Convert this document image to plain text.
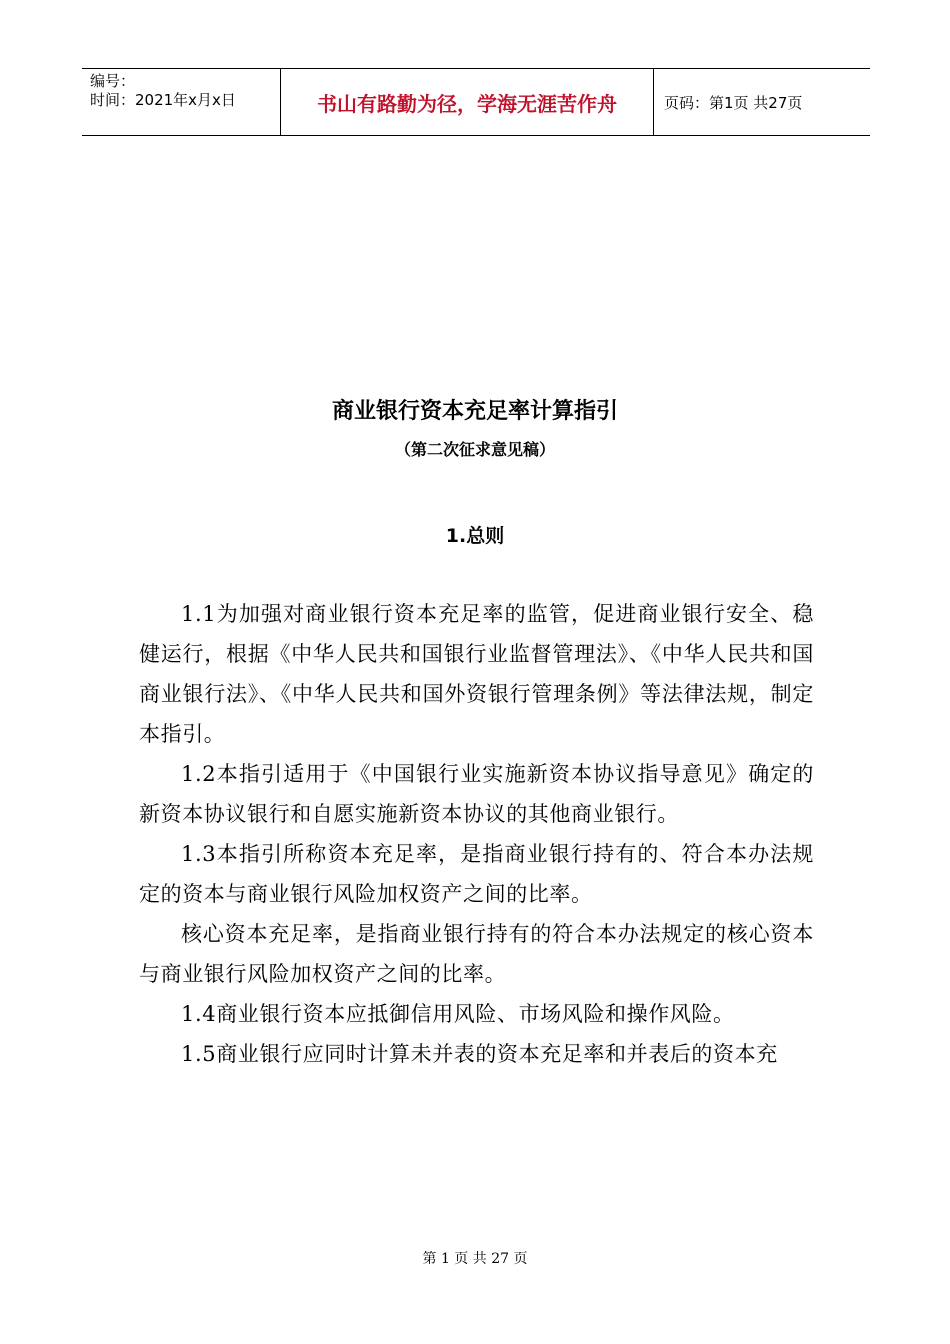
编号：
时间：2021年x月x日	书山有路勤为径，学海无涯苦作舟	页码：第1页 共27页
商业银行资本充足率计算指引
（第二次征求意见稿）
1.总则

1.1为加强对商业银行资本充足率的监管，促进商业银行安全、稳健运行，根据《中华人民共和国银行业监督管理法》、《中华人民共和国商业银行法》、《中华人民共和国外资银行管理条例》等法律法规，制定本指引。

1.2本指引适用于《中国银行业实施新资本协议指导意见》确定的新资本协议银行和自愿实施新资本协议的其他商业银行。

1.3本指引所称资本充足率，是指商业银行持有的、符合本办法规定的资本与商业银行风险加权资产之间的比率。

核心资本充足率，是指商业银行持有的符合本办法规定的核心资本与商业银行风险加权资产之间的比率。

1.4商业银行资本应抵御信用风险、市场风险和操作风险。

1.5商业银行应同时计算未并表的资本充足率和并表后的资本充

第 1 页 共 27 页
